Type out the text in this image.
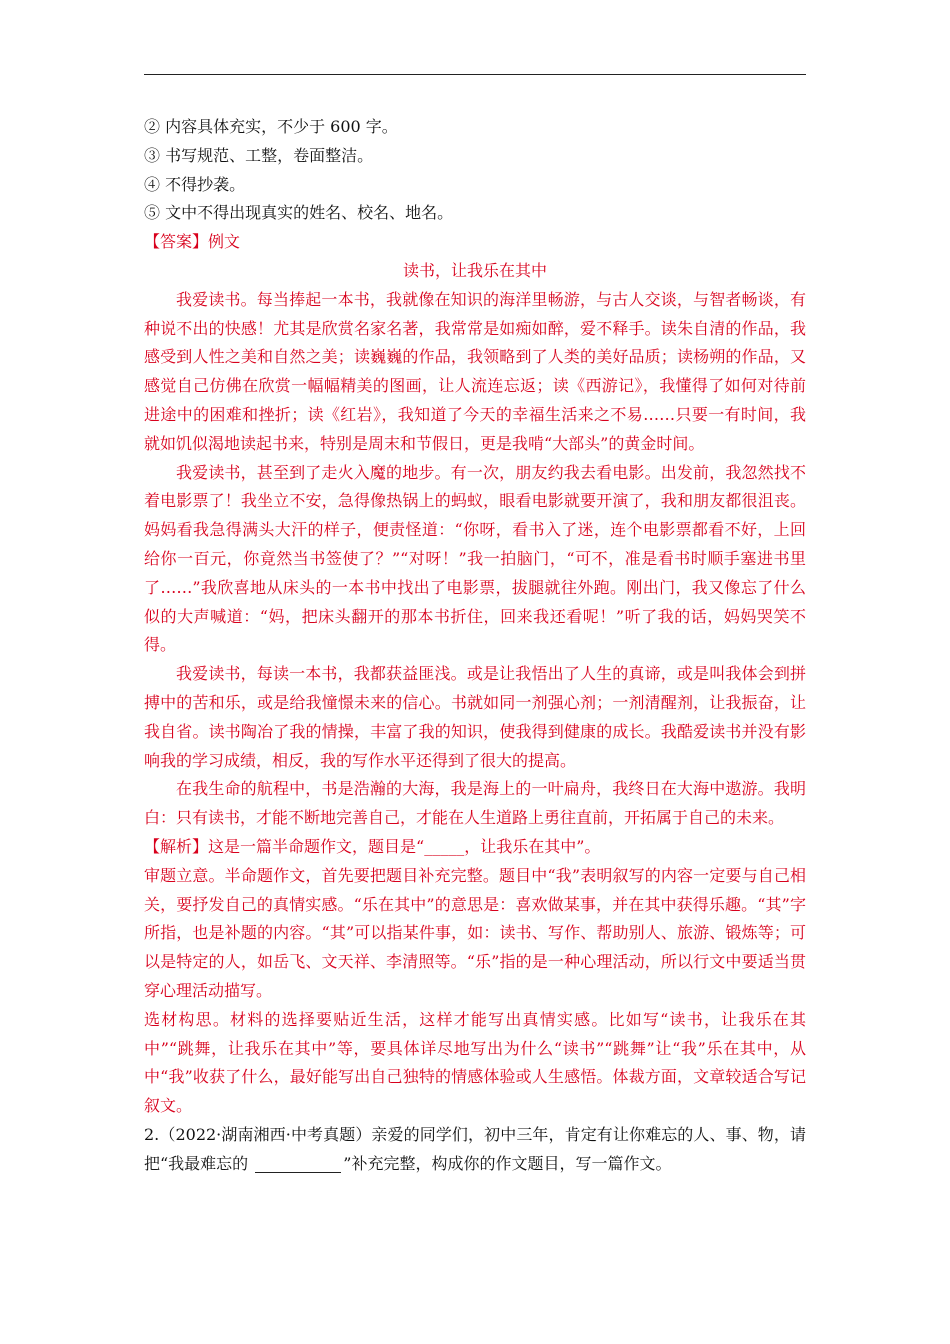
② 内容具体充实，不少于 600 字。

③ 书写规范、工整，卷面整洁。

④ 不得抄袭。

⑤ 文中不得出现真实的姓名、校名、地名。

【答案】例文

读书，让我乐在其中

我爱读书。每当捧起一本书，我就像在知识的海洋里畅游，与古人交谈，与智者畅谈，有种说不出的快感！尤其是欣赏名家名著，我常常是如痴如醉，爱不释手。读朱自清的作品，我感受到人性之美和自然之美；读巍巍的作品，我领略到了人类的美好品质；读杨朔的作品，又感觉自己仿佛在欣赏一幅幅精美的图画，让人流连忘返；读《西游记》，我懂得了如何对待前进途中的困难和挫折；读《红岩》，我知道了今天的幸福生活来之不易……只要一有时间，我就如饥似渴地读起书来，特别是周末和节假日，更是我啃“大部头”的黄金时间。

我爱读书，甚至到了走火入魔的地步。有一次，朋友约我去看电影。出发前，我忽然找不着电影票了！我坐立不安，急得像热锅上的蚂蚁，眼看电影就要开演了，我和朋友都很沮丧。妈妈看我急得满头大汗的样子，便责怪道：“你呀，看书入了迷，连个电影票都看不好，上回给你一百元，你竟然当书签使了？”“对呀！”我一拍脑门，“可不，准是看书时顺手塞进书里了……”我欣喜地从床头的一本书中找出了电影票，拔腿就往外跑。刚出门，我又像忘了什么似的大声喊道：“妈，把床头翻开的那本书折住，回来我还看呢！”听了我的话，妈妈哭笑不得。

我爱读书，每读一本书，我都获益匪浅。或是让我悟出了人生的真谛，或是叫我体会到拼搏中的苦和乐，或是给我憧憬未来的信心。书就如同一剂强心剂；一剂清醒剂，让我振奋，让我自省。读书陶冶了我的情操，丰富了我的知识，使我得到健康的成长。我酷爱读书并没有影响我的学习成绩，相反，我的写作水平还得到了很大的提高。

在我生命的航程中，书是浩瀚的大海，我是海上的一叶扁舟，我终日在大海中遨游。我明白：只有读书，才能不断地完善自己，才能在人生道路上勇往直前，开拓属于自己的未来。

【解析】这是一篇半命题作文，题目是“_____，让我乐在其中”。

审题立意。半命题作文，首先要把题目补充完整。题目中“我”表明叙写的内容一定要与自己相关，要抒发自己的真情实感。“乐在其中”的意思是：喜欢做某事，并在其中获得乐趣。“其”字所指，也是补题的内容。“其”可以指某件事，如：读书、写作、帮助别人、旅游、锻炼等；可以是特定的人，如岳飞、文天祥、李清照等。“乐”指的是一种心理活动，所以行文中要适当贯穿心理活动描写。

选材构思。材料的选择要贴近生活，这样才能写出真情实感。比如写“读书，让我乐在其中”“跳舞，让我乐在其中”等，要具体详尽地写出为什么“读书”“跳舞”让“我”乐在其中，从中“我”收获了什么，最好能写出自己独特的情感体验或人生感悟。体裁方面，文章较适合写记叙文。

2.（2022·湖南湘西·中考真题）亲爱的同学们，初中三年，肯定有让你难忘的人、事、物，请把“我最难忘的	”补充完整，构成你的作文题目，写一篇作文。
